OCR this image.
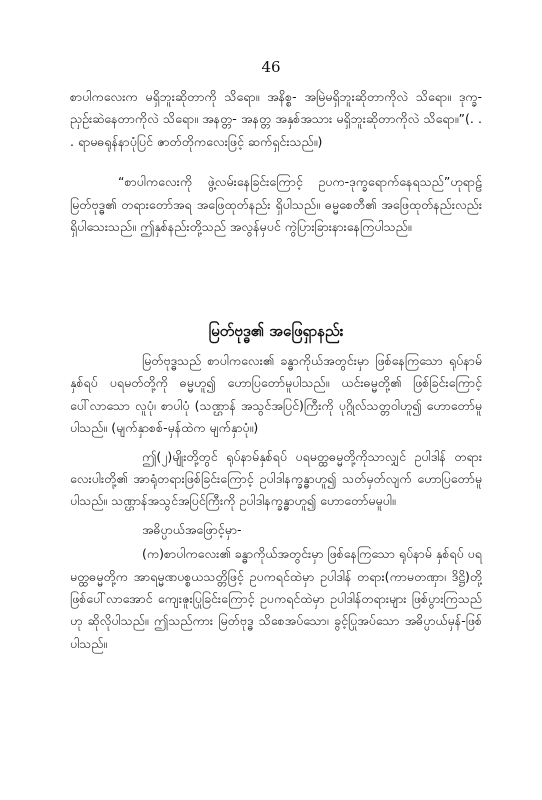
46

စာပါကလေးက မရှိဘူးဆိုတာကို သိရော။ အနိစ္စ- အမြဲမရှိဘူးဆိုတာကိုလဲ သိရော။ ဒုက္ခ- ညှဉ်းဆဲနေတာကိုလဲ သိရော။ အနတ္တ- အနတ္တ အနှစ်အသား မရှိဘူးဆိုတာကိုလဲ သိရော။”(. . . ရာမဓရုန်နာပုံပြင် ဇာတ်တိုကလေးဖြင့် ဆက်ရှင်းသည်။)

“စာပါကလေးကို ဖွဲ့လမ်းနေခြင်းကြောင့် ဥပက-ဒုက္ခရောက်နေရသည်”ဟုရာဠ် မြတ်ဗုဒ္ဓ၏ တရားတော်အရ အဖြေထုတ်နည်း ရှိပါသည်။ ဓမ္မစေတီ၏ အဖြေထုတ်နည်းလည်း ရှိပါသေးသည်။ ဤနှစ်နည်းတို့သည် အလွန်မှပင် ကွဲပြားခြားနားနေကြပါသည်။

မြတ်ဗုဒ္ဓ၏ အဖြေရှာနည်း

မြတ်ဗုဒ္ဓသည် စာပါကလေး၏ ခန္ဓာကိုယ်အတွင်းမှာ ဖြစ်နေကြသော ရုပ်နာမ်နှစ်ရပ် ပရမတ်တို့ကို ဓမ္မဟူ၍ ဟောပြတော်မူပါသည်။ ယင်းဓမ္မတို့၏ ဖြစ်ခြင်းကြောင့် ပေါ်လာသော လူပုံ၊ စာပါပုံ (သဏ္ဌာန် အသွင်အပြင်)ကြီးကို ပုဂ္ဂိုလ်သတ္တဝါဟူ၍ ဟောတော်မူပါသည်။ (မျက်နှာစစ်-မှန်ထဲက မျက်နှာပုံ။)

ဤ(၂)မျိုးတို့တွင် ရုပ်နာမ်နှစ်ရပ် ပရမတ္ထဓမ္မတို့ကိုသာလျှင် ဥပါဒါန် တရားလေးပါးတို့၏ အာရုံတရားဖြစ်ခြင်းကြောင့် ဥပါဒါနက္ခန္ဓာဟူ၍ သတ်မှတ်လျက် ဟောပြတော်မူပါသည်။ သဏ္ဌာန်အသွင်အပြင်ကြီးကို ဥပါဒါနက္ခန္ဓာဟူ၍ ဟောတော်မမူပါ။

အဓိပ္ပာယ်အဖြောင့်မှာ-

(က)စာပါကလေး၏ ခန္ဓာကိုယ်အတွင်းမှာ ဖြစ်နေကြသော ရုပ်နာမ် နှစ်ရပ် ပရမတ္ထဓမ္မတို့က အာရမ္မဏပစ္စယသတ္တိဖြင့် ဥပကရင်ထဲမှာ ဥပါဒါန် တရား(ကာမတဏှာ၊ ဒိဋ္ဌိ)တို့ ဖြစ်ပေါ်လာအောင် ကျေးဇူးပြုခြင်းကြောင့် ဥပကရင်ထဲမှာ ဥပါဒါန်တရားများ ဖြစ်ပွားကြသည်ဟု ဆိုလိုပါသည်။ ဤသည်ကား မြတ်ဗုဒ္ဓ သိစေအပ်သော၊ ခွင့်ပြုအပ်သော အဓိပ္ပာယ်မှန်-ဖြစ်ပါသည်။
